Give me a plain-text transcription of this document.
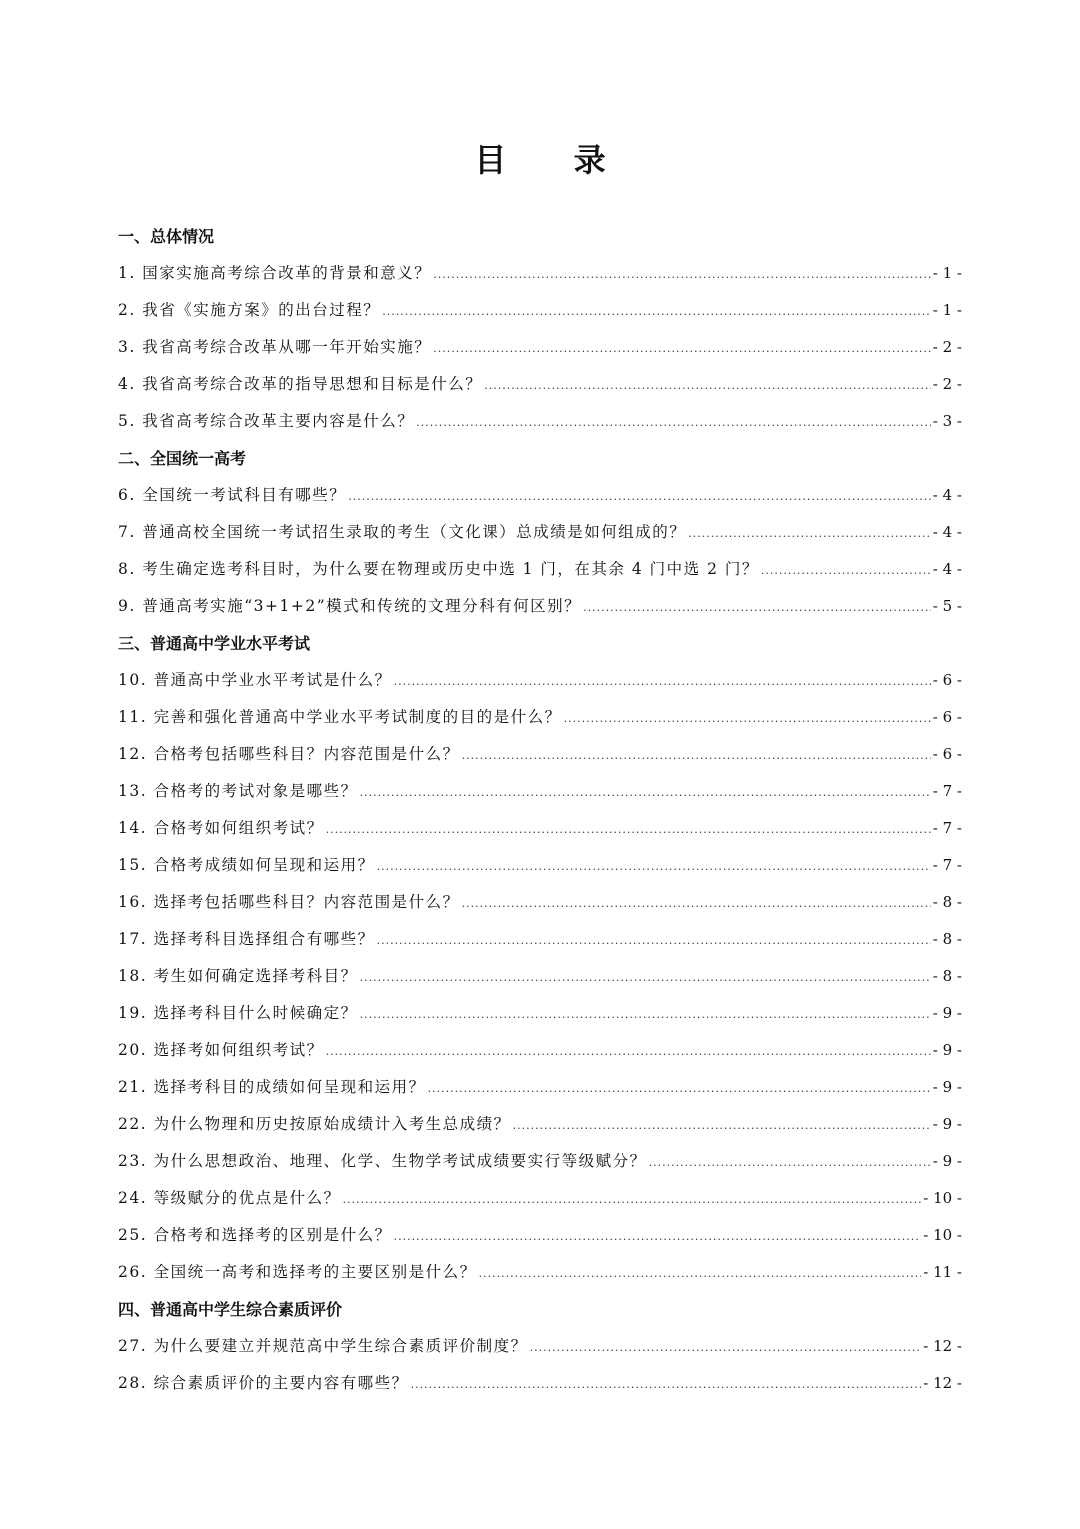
目 录
一、总体情况
1. 国家实施高考综合改革的背景和意义？ .....	- 1 -
2. 我省《实施方案》的出台过程？ .....	- 1 -
3. 我省高考综合改革从哪一年开始实施？ .....	- 2 -
4. 我省高考综合改革的指导思想和目标是什么？ .....	- 2 -
5. 我省高考综合改革主要内容是什么？ .....	- 3 -
二、全国统一高考
6. 全国统一考试科目有哪些？ .....	- 4 -
7. 普通高校全国统一考试招生录取的考生（文化课）总成绩是如何组成的？ .....	- 4 -
8. 考生确定选考科目时，为什么要在物理或历史中选 1 门，在其余 4 门中选 2 门？ .....	- 4 -
9. 普通高考实施“3+1+2”模式和传统的文理分科有何区别？ .....	- 5 -
三、普通高中学业水平考试
10. 普通高中学业水平考试是什么？ .....	- 6 -
11. 完善和强化普通高中学业水平考试制度的目的是什么？ .....	- 6 -
12. 合格考包括哪些科目？内容范围是什么？ .....	- 6 -
13. 合格考的考试对象是哪些？ .....	- 7 -
14. 合格考如何组织考试？ .....	- 7 -
15. 合格考成绩如何呈现和运用？ .....	- 7 -
16. 选择考包括哪些科目？内容范围是什么？ .....	- 8 -
17. 选择考科目选择组合有哪些？ .....	- 8 -
18. 考生如何确定选择考科目？ .....	- 8 -
19. 选择考科目什么时候确定？ .....	- 9 -
20. 选择考如何组织考试？ .....	- 9 -
21. 选择考科目的成绩如何呈现和运用？ .....	- 9 -
22. 为什么物理和历史按原始成绩计入考生总成绩？ .....	- 9 -
23. 为什么思想政治、地理、化学、生物学考试成绩要实行等级赋分？ .....	- 9 -
24. 等级赋分的优点是什么？ .....	- 10 -
25. 合格考和选择考的区别是什么？ .....	- 10 -
26. 全国统一高考和选择考的主要区别是什么？ .....	- 11 -
四、普通高中学生综合素质评价
27. 为什么要建立并规范高中学生综合素质评价制度？ .....	- 12 -
28. 综合素质评价的主要内容有哪些？ .....	- 12 -
